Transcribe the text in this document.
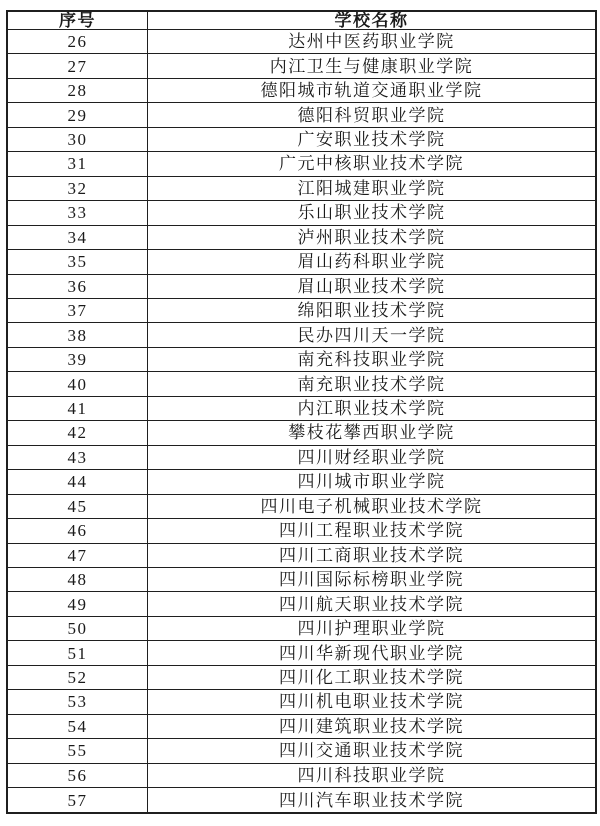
序号	学校名称
26	达州中医药职业学院
27	内江卫生与健康职业学院
28	德阳城市轨道交通职业学院
29	德阳科贸职业学院
30	广安职业技术学院
31	广元中核职业技术学院
32	江阳城建职业学院
33	乐山职业技术学院
34	泸州职业技术学院
35	眉山药科职业学院
36	眉山职业技术学院
37	绵阳职业技术学院
38	民办四川天一学院
39	南充科技职业学院
40	南充职业技术学院
41	内江职业技术学院
42	攀枝花攀西职业学院
43	四川财经职业学院
44	四川城市职业学院
45	四川电子机械职业技术学院
46	四川工程职业技术学院
47	四川工商职业技术学院
48	四川国际标榜职业学院
49	四川航天职业技术学院
50	四川护理职业学院
51	四川华新现代职业学院
52	四川化工职业技术学院
53	四川机电职业技术学院
54	四川建筑职业技术学院
55	四川交通职业技术学院
56	四川科技职业学院
57	四川汽车职业技术学院
